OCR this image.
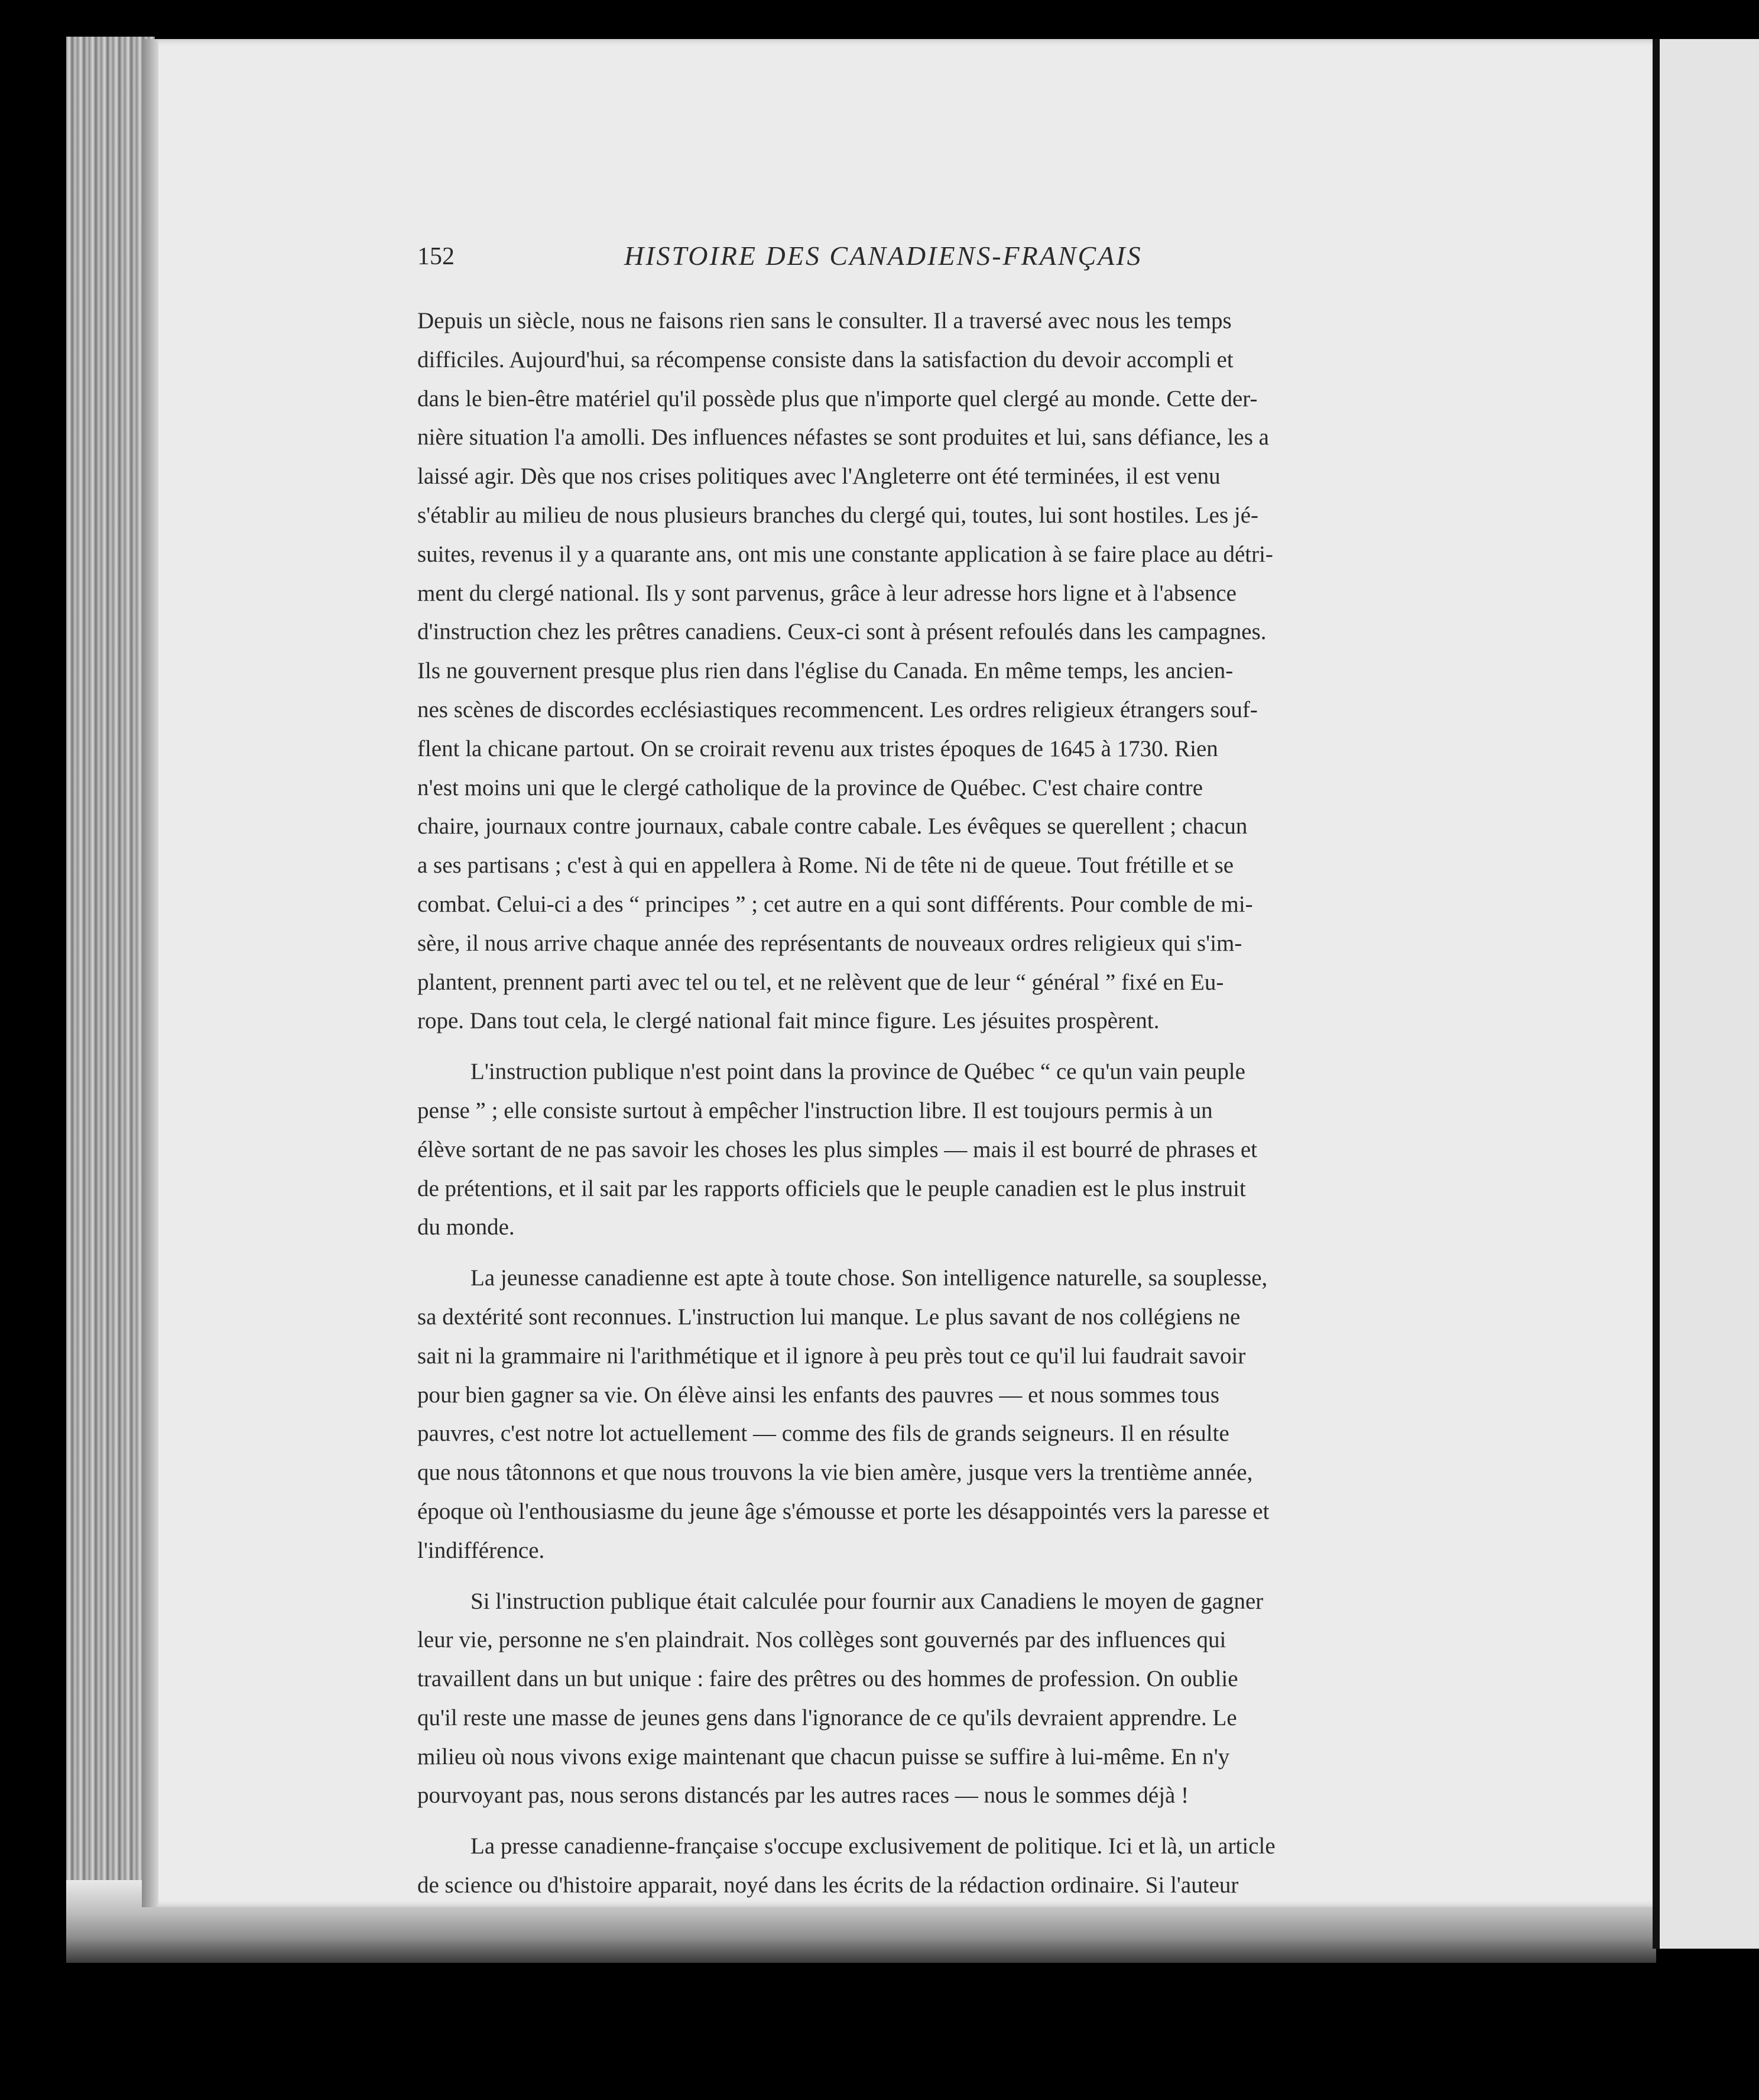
152	HISTOIRE DES CANADIENS-FRANÇAIS
Depuis un siècle, nous ne faisons rien sans le consulter. Il a traversé avec nous les temps
difficiles. Aujourd'hui, sa récompense consiste dans la satisfaction du devoir accompli et
dans le bien-être matériel qu'il possède plus que n'importe quel clergé au monde. Cette der-
nière situation l'a amolli. Des influences néfastes se sont produites et lui, sans défiance, les a
laissé agir. Dès que nos crises politiques avec l'Angleterre ont été terminées, il est venu
s'établir au milieu de nous plusieurs branches du clergé qui, toutes, lui sont hostiles. Les jé-
suites, revenus il y a quarante ans, ont mis une constante application à se faire place au détri-
ment du clergé national. Ils y sont parvenus, grâce à leur adresse hors ligne et à l'absence
d'instruction chez les prêtres canadiens. Ceux-ci sont à présent refoulés dans les campagnes.
Ils ne gouvernent presque plus rien dans l'église du Canada. En même temps, les ancien-
nes scènes de discordes ecclésiastiques recommencent. Les ordres religieux étrangers souf-
flent la chicane partout. On se croirait revenu aux tristes époques de 1645 à 1730. Rien
n'est moins uni que le clergé catholique de la province de Québec. C'est chaire contre
chaire, journaux contre journaux, cabale contre cabale. Les évêques se querellent ; chacun
a ses partisans ; c'est à qui en appellera à Rome. Ni de tête ni de queue. Tout frétille et se
combat. Celui-ci a des “ principes ” ; cet autre en a qui sont différents. Pour comble de mi-
sère, il nous arrive chaque année des représentants de nouveaux ordres religieux qui s'im-
plantent, prennent parti avec tel ou tel, et ne relèvent que de leur “ général ” fixé en Eu-
rope. Dans tout cela, le clergé national fait mince figure. Les jésuites prospèrent.
L'instruction publique n'est point dans la province de Québec “ ce qu'un vain peuple
pense ” ; elle consiste surtout à empêcher l'instruction libre. Il est toujours permis à un
élève sortant de ne pas savoir les choses les plus simples — mais il est bourré de phrases et
de prétentions, et il sait par les rapports officiels que le peuple canadien est le plus instruit
du monde.
La jeunesse canadienne est apte à toute chose. Son intelligence naturelle, sa souplesse,
sa dextérité sont reconnues. L'instruction lui manque. Le plus savant de nos collégiens ne
sait ni la grammaire ni l'arithmétique et il ignore à peu près tout ce qu'il lui faudrait savoir
pour bien gagner sa vie. On élève ainsi les enfants des pauvres — et nous sommes tous
pauvres, c'est notre lot actuellement — comme des fils de grands seigneurs. Il en résulte
que nous tâtonnons et que nous trouvons la vie bien amère, jusque vers la trentième année,
époque où l'enthousiasme du jeune âge s'émousse et porte les désappointés vers la paresse et
l'indifférence.
Si l'instruction publique était calculée pour fournir aux Canadiens le moyen de gagner
leur vie, personne ne s'en plaindrait. Nos collèges sont gouvernés par des influences qui
travaillent dans un but unique : faire des prêtres ou des hommes de profession. On oublie
qu'il reste une masse de jeunes gens dans l'ignorance de ce qu'ils devraient apprendre. Le
milieu où nous vivons exige maintenant que chacun puisse se suffire à lui-même. En n'y
pourvoyant pas, nous serons distancés par les autres races — nous le sommes déjà !
La presse canadienne-française s'occupe exclusivement de politique. Ici et là, un article
de science ou d'histoire apparait, noyé dans les écrits de la rédaction ordinaire. Si l'auteur
